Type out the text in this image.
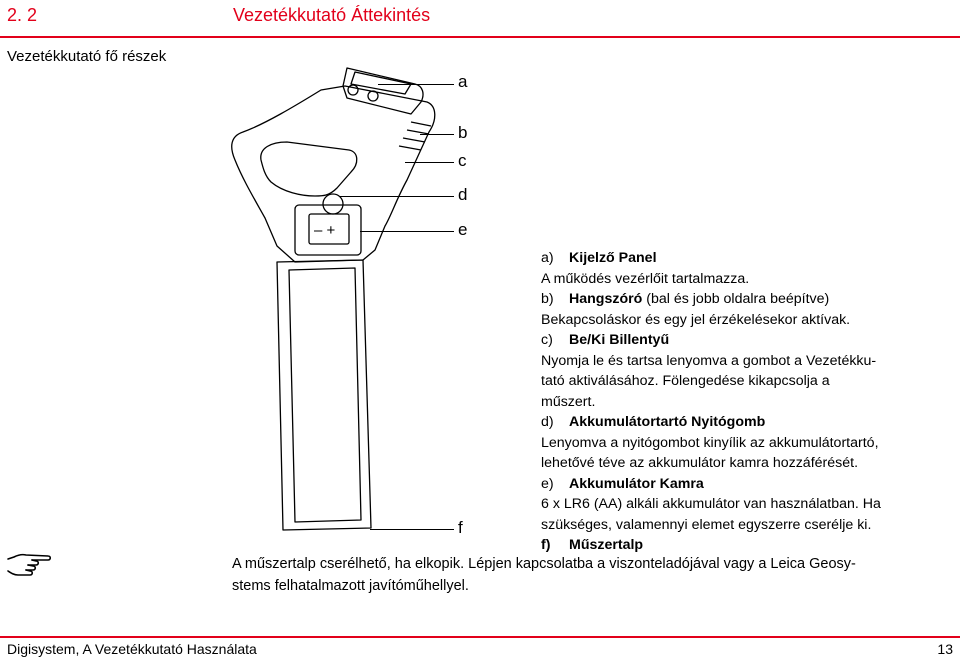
2. 2	Vezetékkutató Áttekintés
Vezetékkutató fő részek
– +
a
b
c
d
e
f
a)	Kijelző Panel
A működés vezérlőit tartalmazza.
b)	Hangszóró (bal és jobb oldalra beépítve)
Bekapcsoláskor és egy jel érzékelésekor aktívak.
c)	Be/Ki Billentyű
Nyomja le és tartsa lenyomva a gombot a Vezetékku-
tató aktiválásához. Fölengedése kikapcsolja a
műszert.
d)	Akkumulátortartó Nyitógomb
Lenyomva a nyitógombot kinyílik az akkumulátortartó,
lehetővé téve az akkumulátor kamra hozzáférését.
e)	Akkumulátor Kamra
6 x LR6 (AA) alkáli akkumulátor van használatban. Ha
szükséges, valamennyi elemet egyszerre cserélje ki.
f)	Műszertalp
A műszertalp cserélhető, ha elkopik. Lépjen kapcsolatba a viszonteladójával vagy a Leica Geosy-
stems felhatalmazott javítóműhellyel.
Digisystem, A Vezetékkutató Használata	13
